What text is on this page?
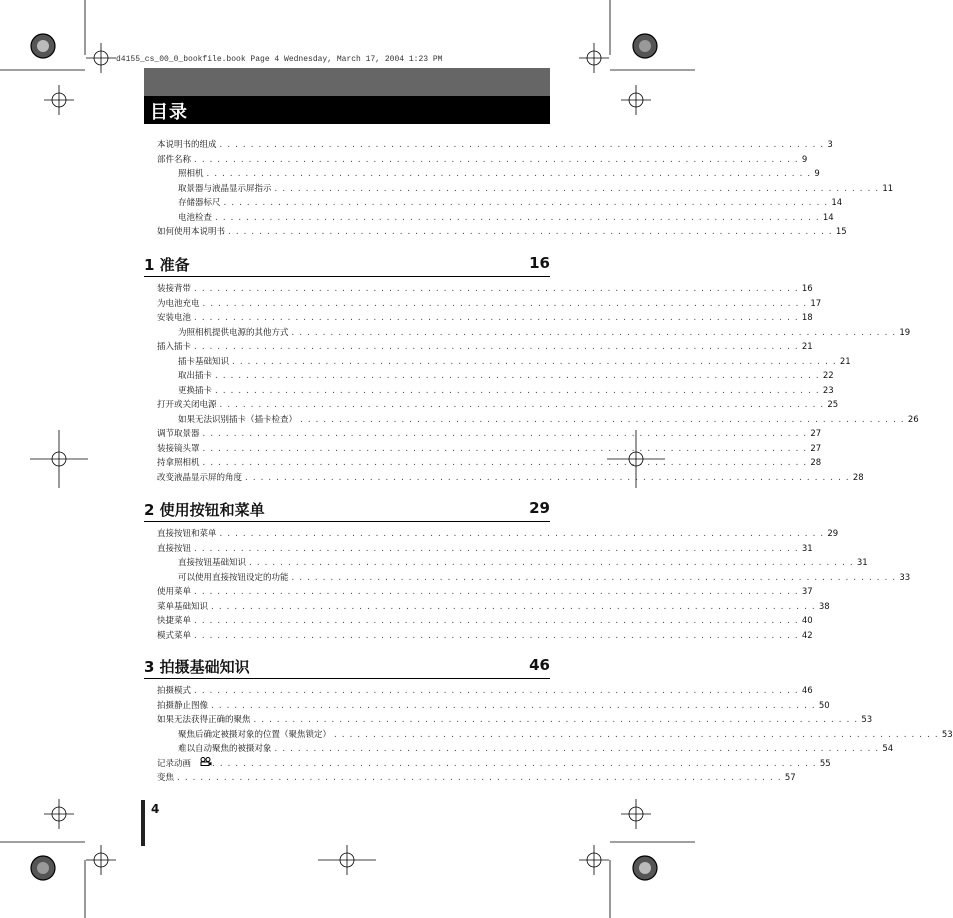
d4155_cs_00_0_bookfile.book Page 4 Wednesday, March 17, 2004 1:23 PM
目录
本说明书的组成 . . . . . . . . . . . . . . . . . . . . . . . . . . . . . . . . . . . . . . . . . . . . . . . . . . . . . . . . . . . . . . . . . . . . . . . . . . . . . . 3
部件名称 . . . . . . . . . . . . . . . . . . . . . . . . . . . . . . . . . . . . . . . . . . . . . . . . . . . . . . . . . . . . . . . . . . . . . . . . . . . . . . 9
照相机 . . . . . . . . . . . . . . . . . . . . . . . . . . . . . . . . . . . . . . . . . . . . . . . . . . . . . . . . . . . . . . . . . . . . . . . . . . . . . . 9
取景器与液晶显示屏指示 . . . . . . . . . . . . . . . . . . . . . . . . . . . . . . . . . . . . . . . . . . . . . . . . . . . . . . . . . . . . . . . . . . . . . . . . . . . . . . 11
存储器标尺 . . . . . . . . . . . . . . . . . . . . . . . . . . . . . . . . . . . . . . . . . . . . . . . . . . . . . . . . . . . . . . . . . . . . . . . . . . . . . . 14
电池检查 . . . . . . . . . . . . . . . . . . . . . . . . . . . . . . . . . . . . . . . . . . . . . . . . . . . . . . . . . . . . . . . . . . . . . . . . . . . . . . 14
如何使用本说明书 . . . . . . . . . . . . . . . . . . . . . . . . . . . . . . . . . . . . . . . . . . . . . . . . . . . . . . . . . . . . . . . . . . . . . . . . . . . . . . 15
1 准备	16
装接背带 . . . . . . . . . . . . . . . . . . . . . . . . . . . . . . . . . . . . . . . . . . . . . . . . . . . . . . . . . . . . . . . . . . . . . . . . . . . . . . 16
为电池充电 . . . . . . . . . . . . . . . . . . . . . . . . . . . . . . . . . . . . . . . . . . . . . . . . . . . . . . . . . . . . . . . . . . . . . . . . . . . . . . 17
安装电池 . . . . . . . . . . . . . . . . . . . . . . . . . . . . . . . . . . . . . . . . . . . . . . . . . . . . . . . . . . . . . . . . . . . . . . . . . . . . . . 18
为照相机提供电源的其他方式 . . . . . . . . . . . . . . . . . . . . . . . . . . . . . . . . . . . . . . . . . . . . . . . . . . . . . . . . . . . . . . . . . . . . . . . . . . . . . . 19
插入插卡 . . . . . . . . . . . . . . . . . . . . . . . . . . . . . . . . . . . . . . . . . . . . . . . . . . . . . . . . . . . . . . . . . . . . . . . . . . . . . . 21
插卡基础知识 . . . . . . . . . . . . . . . . . . . . . . . . . . . . . . . . . . . . . . . . . . . . . . . . . . . . . . . . . . . . . . . . . . . . . . . . . . . . . . 21
取出插卡 . . . . . . . . . . . . . . . . . . . . . . . . . . . . . . . . . . . . . . . . . . . . . . . . . . . . . . . . . . . . . . . . . . . . . . . . . . . . . . 22
更换插卡 . . . . . . . . . . . . . . . . . . . . . . . . . . . . . . . . . . . . . . . . . . . . . . . . . . . . . . . . . . . . . . . . . . . . . . . . . . . . . . 23
打开或关闭电源 . . . . . . . . . . . . . . . . . . . . . . . . . . . . . . . . . . . . . . . . . . . . . . . . . . . . . . . . . . . . . . . . . . . . . . . . . . . . . . 25
如果无法识别插卡（插卡检查） . . . . . . . . . . . . . . . . . . . . . . . . . . . . . . . . . . . . . . . . . . . . . . . . . . . . . . . . . . . . . . . . . . . . . . . . . . . . . . 26
调节取景器 . . . . . . . . . . . . . . . . . . . . . . . . . . . . . . . . . . . . . . . . . . . . . . . . . . . . . . . . . . . . . . . . . . . . . . . . . . . . . . 27
装接镜头罩 . . . . . . . . . . . . . . . . . . . . . . . . . . . . . . . . . . . . . . . . . . . . . . . . . . . . . . . . . . . . . . . . . . . . . . . . . . . . . . 27
持拿照相机 . . . . . . . . . . . . . . . . . . . . . . . . . . . . . . . . . . . . . . . . . . . . . . . . . . . . . . . . . . . . . . . . . . . . . . . . . . . . . . 28
改变液晶显示屏的角度 . . . . . . . . . . . . . . . . . . . . . . . . . . . . . . . . . . . . . . . . . . . . . . . . . . . . . . . . . . . . . . . . . . . . . . . . . . . . . . 28
2 使用按钮和菜单	29
直接按钮和菜单 . . . . . . . . . . . . . . . . . . . . . . . . . . . . . . . . . . . . . . . . . . . . . . . . . . . . . . . . . . . . . . . . . . . . . . . . . . . . . . 29
直接按钮 . . . . . . . . . . . . . . . . . . . . . . . . . . . . . . . . . . . . . . . . . . . . . . . . . . . . . . . . . . . . . . . . . . . . . . . . . . . . . . 31
直接按钮基础知识 . . . . . . . . . . . . . . . . . . . . . . . . . . . . . . . . . . . . . . . . . . . . . . . . . . . . . . . . . . . . . . . . . . . . . . . . . . . . . . 31
可以使用直接按钮设定的功能 . . . . . . . . . . . . . . . . . . . . . . . . . . . . . . . . . . . . . . . . . . . . . . . . . . . . . . . . . . . . . . . . . . . . . . . . . . . . . . 33
使用菜单 . . . . . . . . . . . . . . . . . . . . . . . . . . . . . . . . . . . . . . . . . . . . . . . . . . . . . . . . . . . . . . . . . . . . . . . . . . . . . . 37
菜单基础知识 . . . . . . . . . . . . . . . . . . . . . . . . . . . . . . . . . . . . . . . . . . . . . . . . . . . . . . . . . . . . . . . . . . . . . . . . . . . . . . 38
快捷菜单 . . . . . . . . . . . . . . . . . . . . . . . . . . . . . . . . . . . . . . . . . . . . . . . . . . . . . . . . . . . . . . . . . . . . . . . . . . . . . . 40
模式菜单 . . . . . . . . . . . . . . . . . . . . . . . . . . . . . . . . . . . . . . . . . . . . . . . . . . . . . . . . . . . . . . . . . . . . . . . . . . . . . . 42
3 拍摄基础知识	46
拍摄模式 . . . . . . . . . . . . . . . . . . . . . . . . . . . . . . . . . . . . . . . . . . . . . . . . . . . . . . . . . . . . . . . . . . . . . . . . . . . . . . 46
拍摄静止图像 . . . . . . . . . . . . . . . . . . . . . . . . . . . . . . . . . . . . . . . . . . . . . . . . . . . . . . . . . . . . . . . . . . . . . . . . . . . . . . 50
如果无法获得正确的聚焦 . . . . . . . . . . . . . . . . . . . . . . . . . . . . . . . . . . . . . . . . . . . . . . . . . . . . . . . . . . . . . . . . . . . . . . . . . . . . . . 53
聚焦后确定被摄对象的位置（聚焦锁定） . . . . . . . . . . . . . . . . . . . . . . . . . . . . . . . . . . . . . . . . . . . . . . . . . . . . . . . . . . . . . . . . . . . . . . . . . . . . . . 53
难以自动聚焦的被摄对象 . . . . . . . . . . . . . . . . . . . . . . . . . . . . . . . . . . . . . . . . . . . . . . . . . . . . . . . . . . . . . . . . . . . . . . . . . . . . . . 54
记录动画	. . . . . . . . . . . . . . . . . . . . . . . . . . . . . . . . . . . . . . . . . . . . . . . . . . . . . . . . . . . . . . . . . . . . . . . . . . . . . . 55
变焦 . . . . . . . . . . . . . . . . . . . . . . . . . . . . . . . . . . . . . . . . . . . . . . . . . . . . . . . . . . . . . . . . . . . . . . . . . . . . . . 57
4
